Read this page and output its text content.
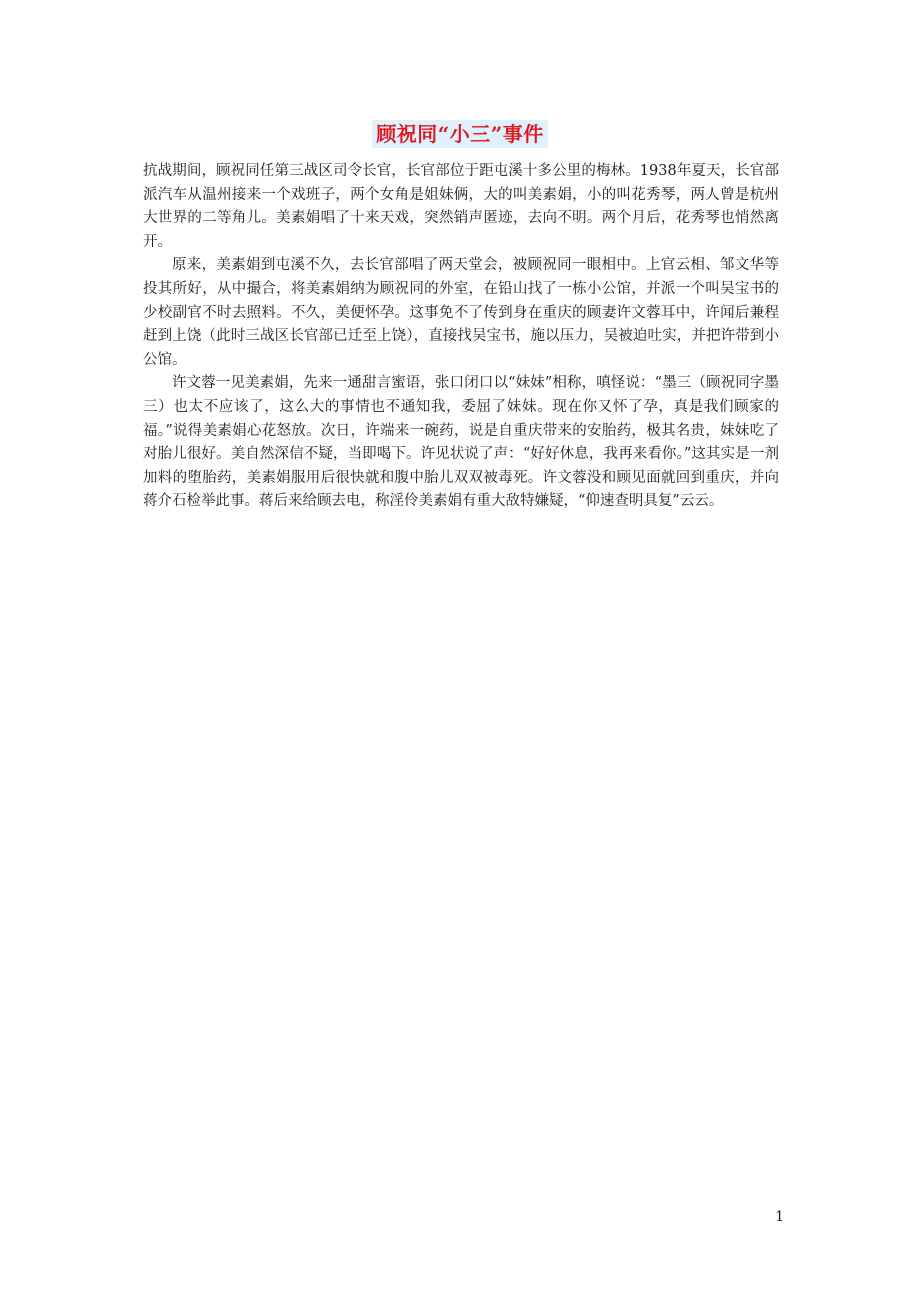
顾祝同“小三”事件

抗战期间，顾祝同任第三战区司令长官，长官部位于距屯溪十多公里的梅林。1938年夏天，长官部派汽车从温州接来一个戏班子，两个女角是姐妹俩，大的叫美素娟，小的叫花秀琴，两人曾是杭州大世界的二等角儿。美素娟唱了十来天戏，突然销声匿迹，去向不明。两个月后，花秀琴也悄然离开。

原来，美素娟到屯溪不久，去长官部唱了两天堂会，被顾祝同一眼相中。上官云相、邹文华等投其所好，从中撮合，将美素娟纳为顾祝同的外室，在铅山找了一栋小公馆，并派一个叫吴宝书的少校副官不时去照料。不久，美便怀孕。这事免不了传到身在重庆的顾妻许文蓉耳中，许闻后兼程赶到上饶（此时三战区长官部已迁至上饶），直接找吴宝书，施以压力，吴被迫吐实，并把许带到小公馆。

许文蓉一见美素娟，先来一通甜言蜜语，张口闭口以“妹妹”相称，嗔怪说：“墨三（顾祝同字墨三）也太不应该了，这么大的事情也不通知我，委屈了妹妹。现在你又怀了孕，真是我们顾家的福。”说得美素娟心花怒放。次日，许端来一碗药，说是自重庆带来的安胎药，极其名贵，妹妹吃了对胎儿很好。美自然深信不疑，当即喝下。许见状说了声：“好好休息，我再来看你。”这其实是一剂加料的堕胎药，美素娟服用后很快就和腹中胎儿双双被毒死。许文蓉没和顾见面就回到重庆，并向蒋介石检举此事。蒋后来给顾去电，称淫伶美素娟有重大敌特嫌疑，“仰速查明具复”云云。

1
